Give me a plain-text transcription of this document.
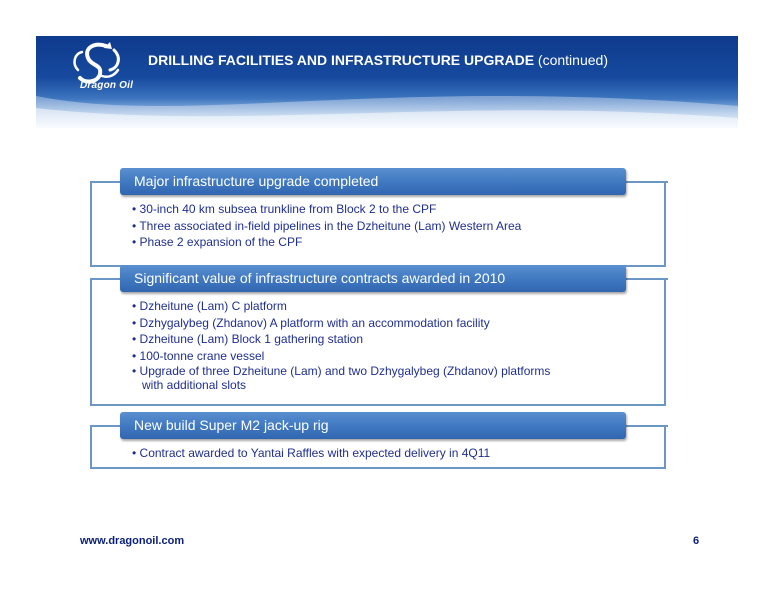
Dragon Oil
DRILLING FACILITIES AND INFRASTRUCTURE UPGRADE (continued)
Major infrastructure upgrade completed
• 30-inch 40 km subsea trunkline from Block 2 to the CPF
• Three associated in-field pipelines in the Dzheitune (Lam) Western Area
• Phase 2 expansion of the CPF
Significant value of infrastructure contracts awarded in 2010
• Dzheitune (Lam) C platform
• Dzhygalybeg (Zhdanov) A platform with an accommodation facility
• Dzheitune (Lam) Block 1 gathering station
• 100-tonne crane vessel
• Upgrade of three Dzheitune (Lam) and two Dzhygalybeg (Zhdanov) platforms
with additional slots
New build Super M2 jack-up rig
• Contract awarded to Yantai Raffles with expected delivery in 4Q11
www.dragonoil.com	6
